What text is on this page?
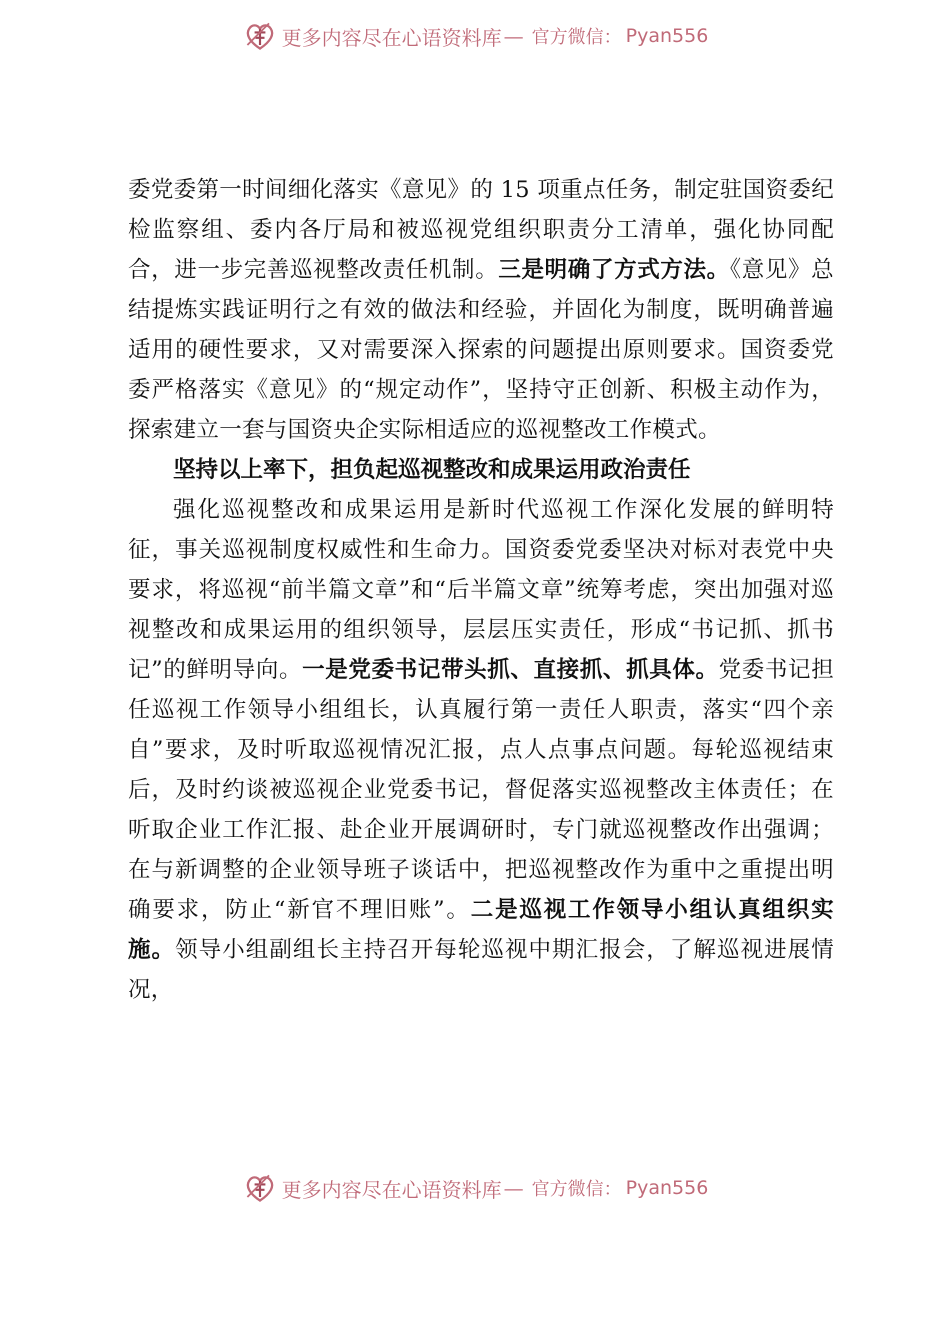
更多内容尽在心语资料库 — 官方微信： Pyan556

委党委第一时间细化落实《意见》的 15 项重点任务，制定驻国资委纪检监察组、委内各厅局和被巡视党组织职责分工清单，强化协同配合，进一步完善巡视整改责任机制。三是明确了方式方法。《意见》总结提炼实践证明行之有效的做法和经验，并固化为制度，既明确普遍适用的硬性要求，又对需要深入探索的问题提出原则要求。国资委党委严格落实《意见》的“规定动作”，坚持守正创新、积极主动作为，探索建立一套与国资央企实际相适应的巡视整改工作模式。

坚持以上率下，担负起巡视整改和成果运用政治责任

强化巡视整改和成果运用是新时代巡视工作深化发展的鲜明特征，事关巡视制度权威性和生命力。国资委党委坚决对标对表党中央要求，将巡视“前半篇文章”和“后半篇文章”统筹考虑，突出加强对巡视整改和成果运用的组织领导，层层压实责任，形成“书记抓、抓书记”的鲜明导向。一是党委书记带头抓、直接抓、抓具体。党委书记担任巡视工作领导小组组长，认真履行第一责任人职责，落实“四个亲自”要求，及时听取巡视情况汇报，点人点事点问题。每轮巡视结束后，及时约谈被巡视企业党委书记，督促落实巡视整改主体责任；在听取企业工作汇报、赴企业开展调研时，专门就巡视整改作出强调；在与新调整的企业领导班子谈话中，把巡视整改作为重中之重提出明确要求，防止“新官不理旧账”。二是巡视工作领导小组认真组织实施。领导小组副组长主持召开每轮巡视中期汇报会，了解巡视进展情况，

更多内容尽在心语资料库 — 官方微信： Pyan556
